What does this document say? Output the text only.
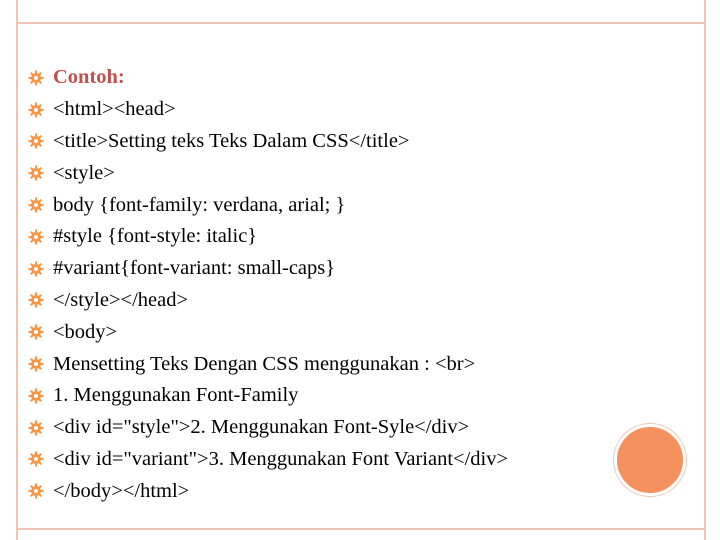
Contoh:
<html><head>
<title>Setting teks Teks Dalam CSS</title>
<style>
body {font-family: verdana, arial; }
#style {font-style: italic}
#variant{font-variant: small-caps}
</style></head>
<body>
Mensetting Teks Dengan CSS menggunakan : <br>
1. Menggunakan Font-Family
<div id="style">2. Menggunakan Font-Syle</div>
<div id="variant">3. Menggunakan Font Variant</div>
</body></html>
